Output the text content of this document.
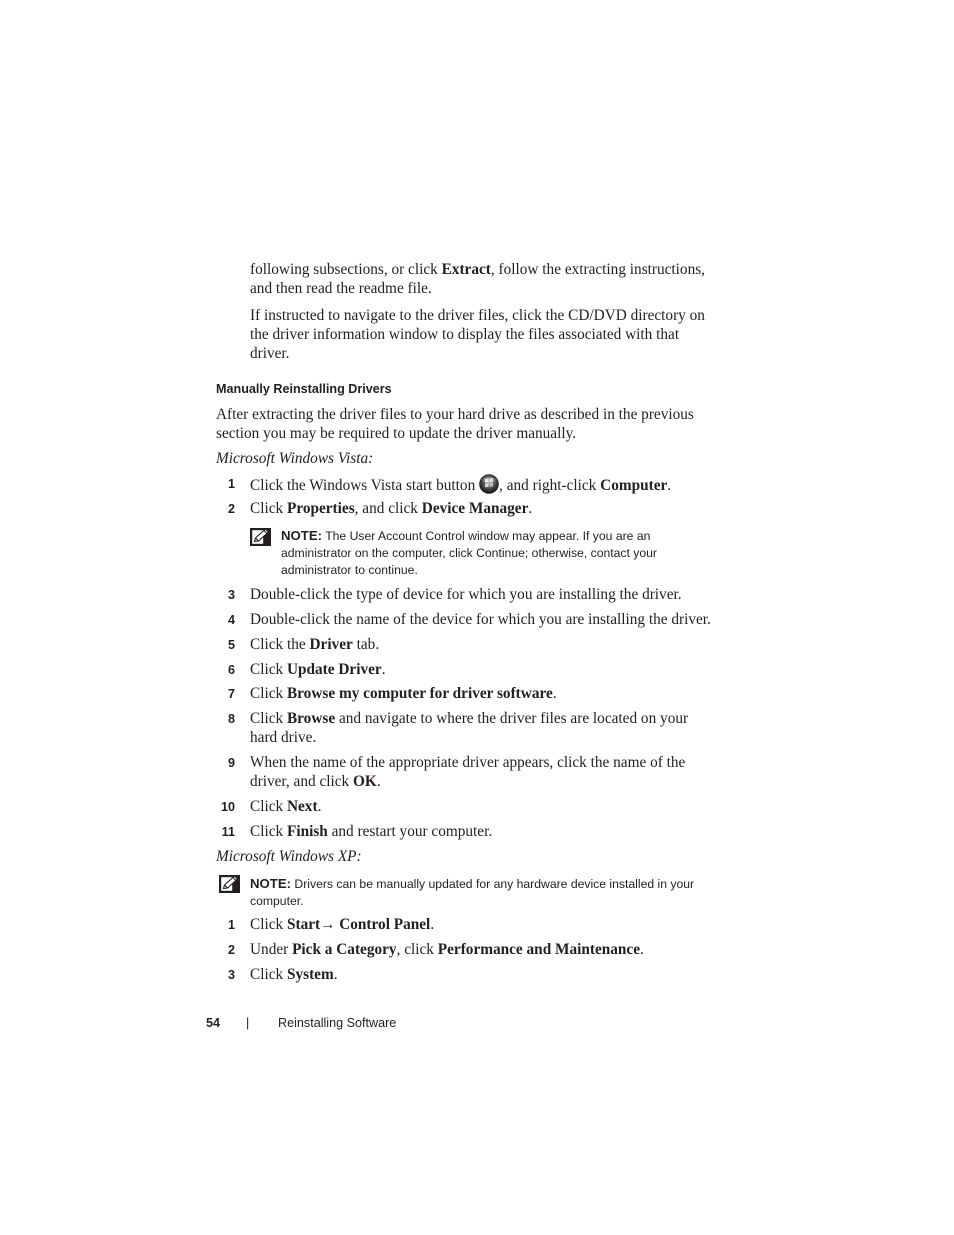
following subsections, or click Extract, follow the extracting instructions,
and then read the readme file.

If instructed to navigate to the driver files, click the CD/DVD directory on
the driver information window to display the files associated with that
driver.

Manually Reinstalling Drivers

After extracting the driver files to your hard drive as described in the previous
section you may be required to update the driver manually.

Microsoft Windows Vista:
1 Click the Windows Vista start button , and right-click Computer.
2 Click Properties, and click Device Manager.
NOTE: The User Account Control window may appear. If you are an
administrator on the computer, click Continue; otherwise, contact your
administrator to continue.
3 Double-click the type of device for which you are installing the driver.
4 Double-click the name of the device for which you are installing the driver.
5 Click the Driver tab.
6 Click Update Driver.
7 Click Browse my computer for driver software.
8 Click Browse and navigate to where the driver files are located on your
hard drive.
9 When the name of the appropriate driver appears, click the name of the
driver, and click OK.
10 Click Next.
11 Click Finish and restart your computer.
Microsoft Windows XP:
NOTE: Drivers can be manually updated for any hardware device installed in your
computer.
1 Click Start→ Control Panel.
2 Under Pick a Category, click Performance and Maintenance.
3 Click System.
54 | Reinstalling Software
